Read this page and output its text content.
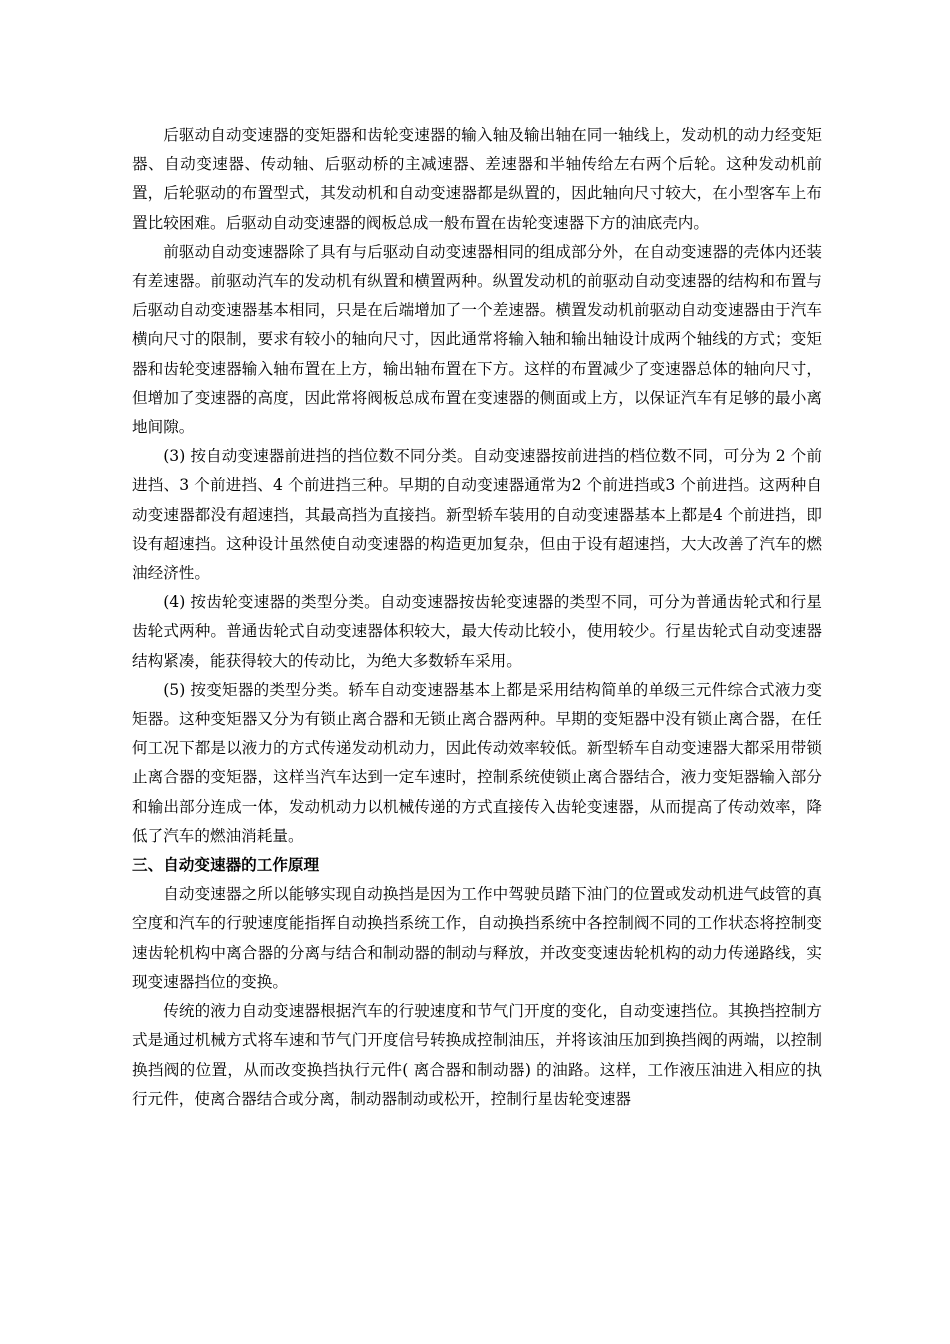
后驱动自动变速器的变矩器和齿轮变速器的输入轴及输出轴在同一轴线上，发动机的动力经变矩器、自动变速器、传动轴、后驱动桥的主减速器、差速器和半轴传给左右两个后轮。这种发动机前置，后轮驱动的布置型式，其发动机和自动变速器都是纵置的，因此轴向尺寸较大，在小型客车上布置比较困难。后驱动自动变速器的阀板总成一般布置在齿轮变速器下方的油底壳内。

前驱动自动变速器除了具有与后驱动自动变速器相同的组成部分外，在自动变速器的壳体内还装有差速器。前驱动汽车的发动机有纵置和横置两种。纵置发动机的前驱动自动变速器的结构和布置与后驱动自动变速器基本相同，只是在后端增加了一个差速器。横置发动机前驱动自动变速器由于汽车横向尺寸的限制，要求有较小的轴向尺寸，因此通常将输入轴和输出轴设计成两个轴线的方式；变矩器和齿轮变速器输入轴布置在上方，输出轴布置在下方。这样的布置减少了变速器总体的轴向尺寸，但增加了变速器的高度，因此常将阀板总成布置在变速器的侧面或上方，以保证汽车有足够的最小离地间隙。

(3) 按自动变速器前进挡的挡位数不同分类。自动变速器按前进挡的档位数不同，可分为 2 个前进挡、3 个前进挡、4 个前进挡三种。早期的自动变速器通常为2 个前进挡或3 个前进挡。这两种自动变速器都没有超速挡，其最高挡为直接挡。新型轿车装用的自动变速器基本上都是4 个前进挡，即设有超速挡。这种设计虽然使自动变速器的构造更加复杂，但由于设有超速挡，大大改善了汽车的燃油经济性。

(4) 按齿轮变速器的类型分类。自动变速器按齿轮变速器的类型不同，可分为普通齿轮式和行星齿轮式两种。普通齿轮式自动变速器体积较大，最大传动比较小，使用较少。行星齿轮式自动变速器结构紧凑，能获得较大的传动比，为绝大多数轿车采用。

(5) 按变矩器的类型分类。轿车自动变速器基本上都是采用结构简单的单级三元件综合式液力变矩器。这种变矩器又分为有锁止离合器和无锁止离合器两种。早期的变矩器中没有锁止离合器，在任何工况下都是以液力的方式传递发动机动力，因此传动效率较低。新型轿车自动变速器大都采用带锁止离合器的变矩器，这样当汽车达到一定车速时，控制系统使锁止离合器结合，液力变矩器输入部分和输出部分连成一体，发动机动力以机械传递的方式直接传入齿轮变速器，从而提高了传动效率，降低了汽车的燃油消耗量。

三、自动变速器的工作原理

自动变速器之所以能够实现自动换挡是因为工作中驾驶员踏下油门的位置或发动机进气歧管的真空度和汽车的行驶速度能指挥自动换挡系统工作，自动换挡系统中各控制阀不同的工作状态将控制变速齿轮机构中离合器的分离与结合和制动器的制动与释放，并改变变速齿轮机构的动力传递路线，实现变速器挡位的变换。

传统的液力自动变速器根据汽车的行驶速度和节气门开度的变化，自动变速挡位。其换挡控制方式是通过机械方式将车速和节气门开度信号转换成控制油压，并将该油压加到换挡阀的两端，以控制换挡阀的位置，从而改变换挡执行元件( 离合器和制动器) 的油路。这样，工作液压油进入相应的执行元件，使离合器结合或分离，制动器制动或松开，控制行星齿轮变速器
